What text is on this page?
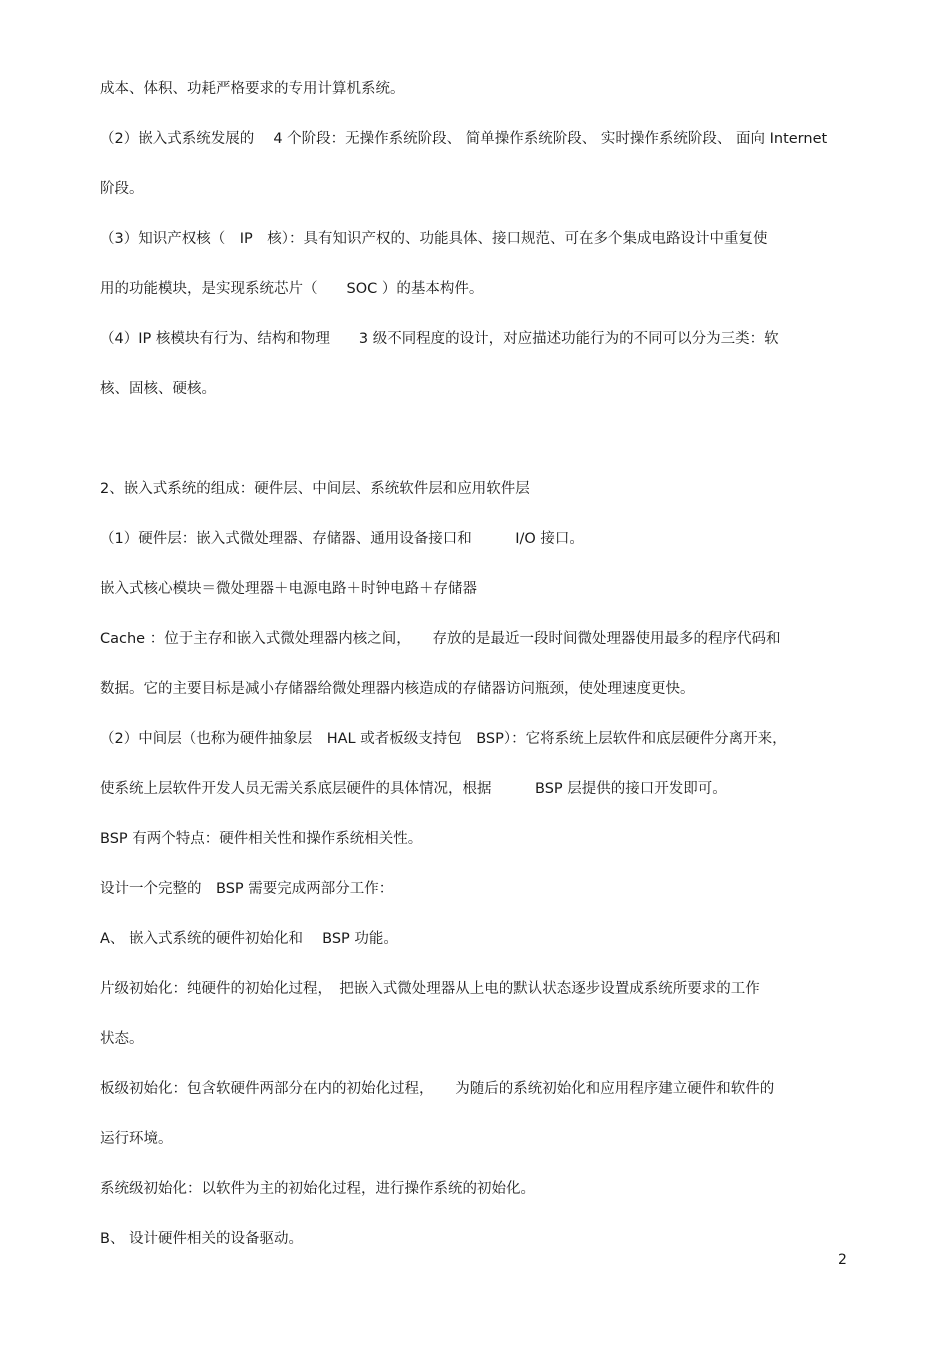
成本、体积、功耗严格要求的专用计算机系统。
（2）嵌入式系统发展的　 4 个阶段：无操作系统阶段、 简单操作系统阶段、 实时操作系统阶段、 面向 Internet
阶段。
（3）知识产权核（　IP　核）：具有知识产权的、功能具体、接口规范、可在多个集成电路设计中重复使
用的功能模块，是实现系统芯片（　　SOC ）的基本构件。
（4）IP 核模块有行为、结构和物理　　3 级不同程度的设计，对应描述功能行为的不同可以分为三类：软
核、固核、硬核。
2、嵌入式系统的组成：硬件层、中间层、系统软件层和应用软件层
（1）硬件层：嵌入式微处理器、存储器、通用设备接口和　　　I/O 接口。
嵌入式核心模块＝微处理器＋电源电路＋时钟电路＋存储器
Cache ：位于主存和嵌入式微处理器内核之间，　　存放的是最近一段时间微处理器使用最多的程序代码和
数据。它的主要目标是减小存储器给微处理器内核造成的存储器访问瓶颈，使处理速度更快。
（2）中间层（也称为硬件抽象层　HAL 或者板级支持包　BSP）：它将系统上层软件和底层硬件分离开来，
使系统上层软件开发人员无需关系底层硬件的具体情况，根据　　　BSP 层提供的接口开发即可。
BSP 有两个特点：硬件相关性和操作系统相关性。
设计一个完整的　BSP 需要完成两部分工作：
A、 嵌入式系统的硬件初始化和　 BSP 功能。
片级初始化：纯硬件的初始化过程，　把嵌入式微处理器从上电的默认状态逐步设置成系统所要求的工作
状态。
板级初始化：包含软硬件两部分在内的初始化过程，　　为随后的系统初始化和应用程序建立硬件和软件的
运行环境。
系统级初始化：以软件为主的初始化过程，进行操作系统的初始化。
B、 设计硬件相关的设备驱动。
2
